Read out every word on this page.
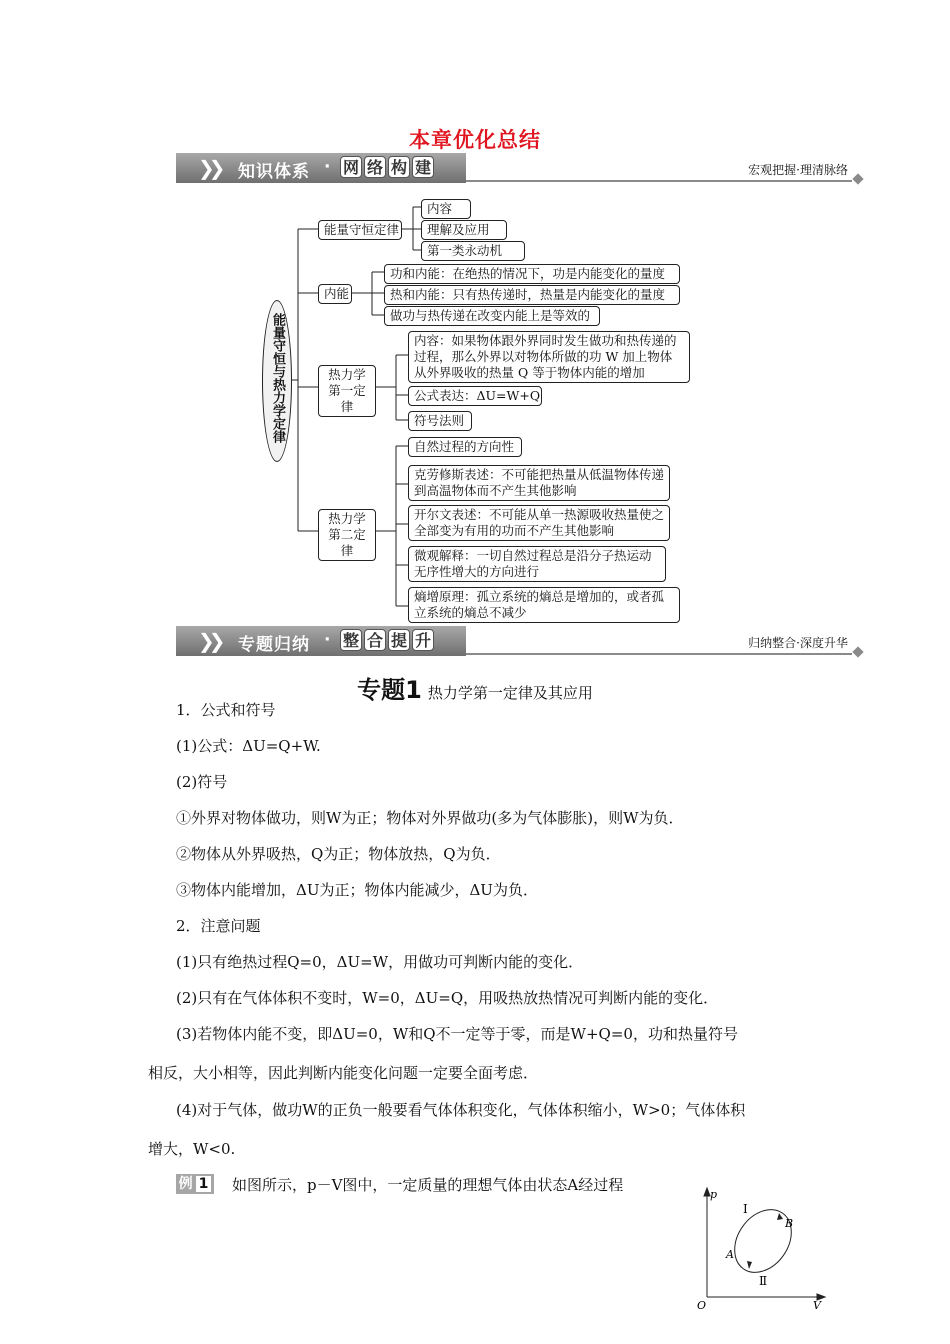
本章优化总结
❯❯ 知识体系 · 网 络 构 建	宏观把握·理清脉络
能量守恒与热力学定律
能量守恒定律
内容
理解及应用
第一类永动机
内能
功和内能：在绝热的情况下，功是内能变化的量度
热和内能：只有热传递时，热量是内能变化的量度
做功与热传递在改变内能上是等效的
热力学第一定律
内容：如果物体跟外界同时发生做功和热传递的过程，那么外界以对物体所做的功 W 加上物体从外界吸收的热量 Q 等于物体内能的增加
公式表达：ΔU=W+Q
符号法则
热力学第二定律
自然过程的方向性
克劳修斯表述：不可能把热量从低温物体传递到高温物体而不产生其他影响
开尔文表述：不可能从单一热源吸收热量使之全部变为有用的功而不产生其他影响
微观解释：一切自然过程总是沿分子热运动无序性增大的方向进行
熵增原理：孤立系统的熵总是增加的，或者孤立系统的熵总不减少
❯❯ 专题归纳 · 整 合 提 升	归纳整合·深度升华
专题1 热力学第一定律及其应用
1．公式和符号
(1)公式：ΔU=Q+W.
(2)符号
①外界对物体做功，则W为正；物体对外界做功(多为气体膨胀)，则W为负．
②物体从外界吸热，Q为正；物体放热，Q为负．
③物体内能增加，ΔU为正；物体内能减少，ΔU为负．
2．注意问题
(1)只有绝热过程Q=0，ΔU=W，用做功可判断内能的变化．
(2)只有在气体体积不变时，W=0，ΔU=Q，用吸热放热情况可判断内能的变化．
(3)若物体内能不变，即ΔU=0，W和Q不一定等于零，而是W+Q=0，功和热量符号
相反，大小相等，因此判断内能变化问题一定要全面考虑．
(4)对于气体，做功W的正负一般要看气体体积变化，气体体积缩小，W>0；气体体积
增大，W<0.
例 1	如图所示，p－V图中，一定质量的理想气体由状态A经过程
p
V
O
Ⅰ
B
A
Ⅱ
